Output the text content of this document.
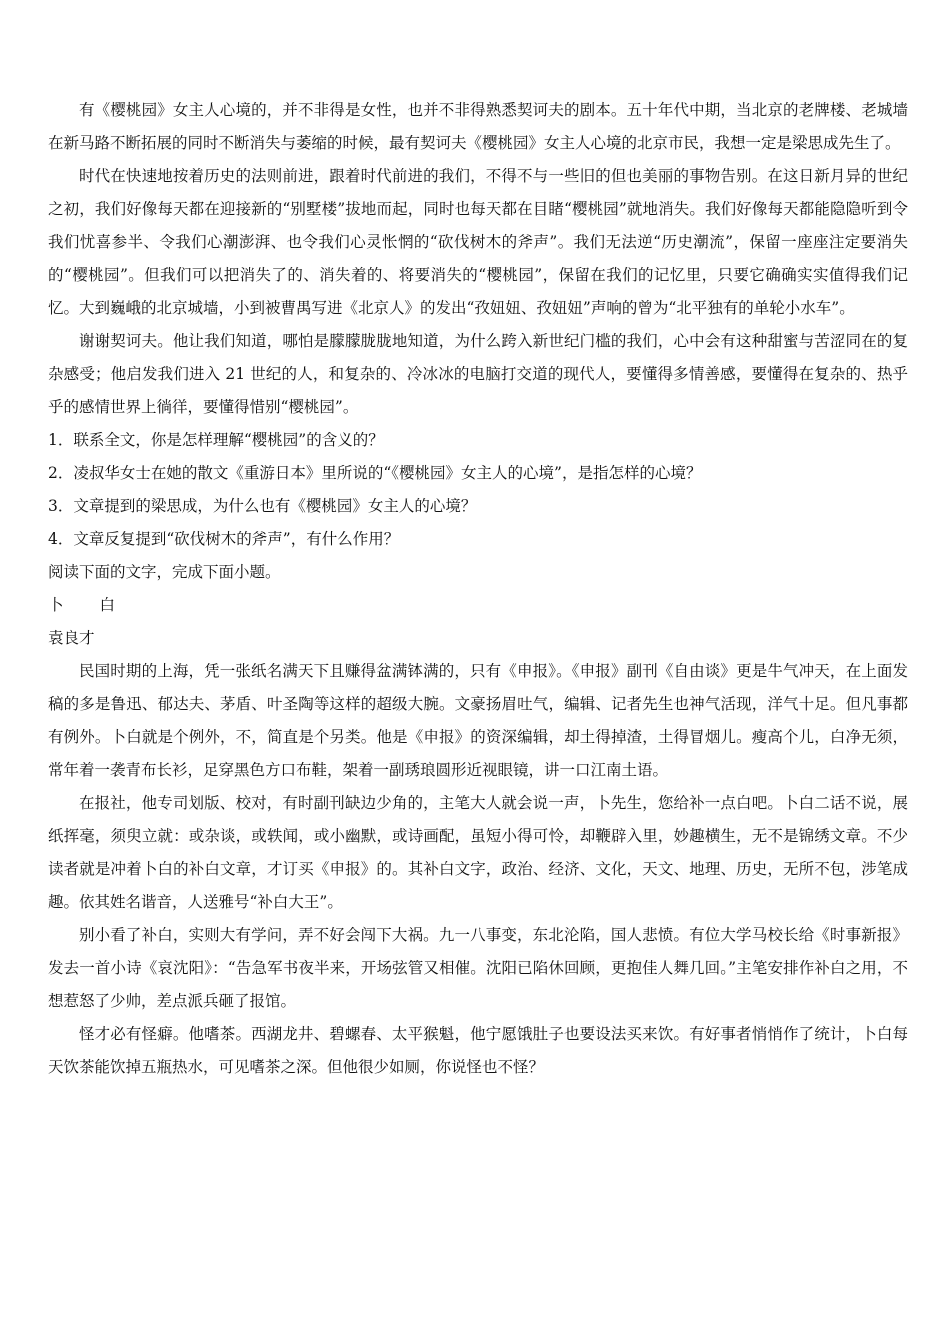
有《樱桃园》女主人心境的，并不非得是女性，也并不非得熟悉契诃夫的剧本。五十年代中期，当北京的老牌楼、老城墙在新马路不断拓展的同时不断消失与萎缩的时候，最有契诃夫《樱桃园》女主人心境的北京市民，我想一定是梁思成先生了。

时代在快速地按着历史的法则前进，跟着时代前进的我们，不得不与一些旧的但也美丽的事物告别。在这日新月异的世纪之初，我们好像每天都在迎接新的“别墅楼”拔地而起，同时也每天都在目睹“樱桃园”就地消失。我们好像每天都能隐隐听到令我们忧喜参半、令我们心潮澎湃、也令我们心灵怅惘的“砍伐树木的斧声”。我们无法逆“历史潮流”，保留一座座注定要消失的“樱桃园”。但我们可以把消失了的、消失着的、将要消失的“樱桃园”，保留在我们的记忆里，只要它确确实实值得我们记忆。大到巍峨的北京城墙，小到被曹禺写进《北京人》的发出“孜妞妞、孜妞妞”声响的曾为“北平独有的单轮小水车”。

谢谢契诃夫。他让我们知道，哪怕是朦朦胧胧地知道，为什么跨入新世纪门槛的我们，心中会有这种甜蜜与苦涩同在的复杂感受；他启发我们进入 21 世纪的人，和复杂的、冷冰冰的电脑打交道的现代人，要懂得多情善感，要懂得在复杂的、热乎乎的感情世界上徜徉，要懂得惜别“樱桃园”。

1．联系全文，你是怎样理解“樱桃园”的含义的？

2．凌叔华女士在她的散文《重游日本》里所说的“《樱桃园》女主人的心境”，是指怎样的心境？

3．文章提到的梁思成，为什么也有《樱桃园》女主人的心境？

4．文章反复提到“砍伐树木的斧声”，有什么作用？

阅读下面的文字，完成下面小题。

卜白

袁良才

民国时期的上海，凭一张纸名满天下且赚得盆满钵满的，只有《申报》。《申报》副刊《自由谈》更是牛气冲天，在上面发稿的多是鲁迅、郁达夫、茅盾、叶圣陶等这样的超级大腕。文豪扬眉吐气，编辑、记者先生也神气活现，洋气十足。但凡事都有例外。卜白就是个例外，不，简直是个另类。他是《申报》的资深编辑，却土得掉渣，土得冒烟儿。瘦高个儿，白净无须，常年着一袭青布长衫，足穿黑色方口布鞋，架着一副琇琅圆形近视眼镜，讲一口江南土语。

在报社，他专司划版、校对，有时副刊缺边少角的，主笔大人就会说一声，卜先生，您给补一点白吧。卜白二话不说，展纸挥毫，须臾立就：或杂谈，或轶闻，或小幽默，或诗画配，虽短小得可怜，却鞭辟入里，妙趣横生，无不是锦绣文章。不少读者就是冲着卜白的补白文章，才订买《申报》的。其补白文字，政治、经济、文化，天文、地理、历史，无所不包，涉笔成趣。依其姓名谐音，人送雅号“补白大王”。

别小看了补白，实则大有学问，弄不好会闯下大祸。九一八事变，东北沦陷，国人悲愤。有位大学马校长给《时事新报》发去一首小诗《哀沈阳》：“告急军书夜半来，开场弦管又相催。沈阳已陷休回顾，更抱佳人舞几回。”主笔安排作补白之用，不想惹怒了少帅，差点派兵砸了报馆。

怪才必有怪癖。他嗜茶。西湖龙井、碧螺春、太平猴魁，他宁愿饿肚子也要设法买来饮。有好事者悄悄作了统计，卜白每天饮茶能饮掉五瓶热水，可见嗜茶之深。但他很少如厕，你说怪也不怪？
